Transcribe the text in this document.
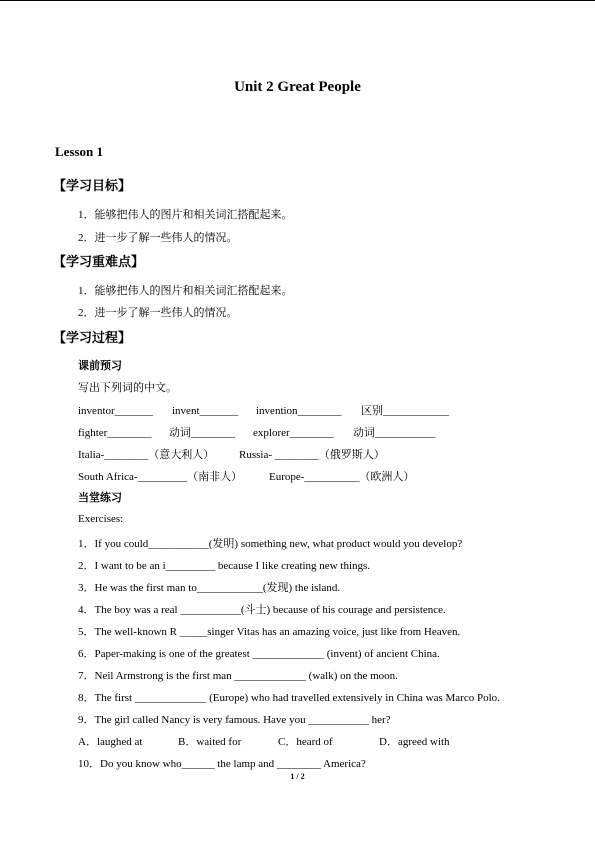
Unit 2 Great People
Lesson 1
【学习目标】
1．能够把伟人的图片和相关词汇搭配起来。
2．进一步了解一些伟人的情况。
【学习重难点】
1．能够把伟人的图片和相关词汇搭配起来。
2．进一步了解一些伟人的情况。
【学习过程】
课前预习
写出下列词的中文。
inventor_______ invent_______ invention________ 区别____________
fighter________ 动词________ explorer________ 动词___________
Italia-________（意大利人） Russia- ________（俄罗斯人）
South Africa-_________（南非人） Europe-__________（欧洲人）
当堂练习
Exercises:
1．If you could___________(发明) something new, what product would you develop?
2．I want to be an i_________ because I like creating new things.
3．He was the first man to____________(发现) the island.
4．The boy was a real ___________(斗士) because of his courage and persistence.
5．The well-known R _____singer Vitas has an amazing voice, just like from Heaven.
6．Paper-making is one of the greatest _____________ (invent) of ancient China.
7．Neil Armstrong is the first man _____________ (walk) on the moon.
8．The first _____________ (Europe) who had travelled extensively in China was Marco Polo.
9．The girl called Nancy is very famous. Have you ___________ her?
A．laughed at	B．waited for	C．heard of	D．agreed with
10．Do you know who______ the lamp and ________ America?
1 / 2
